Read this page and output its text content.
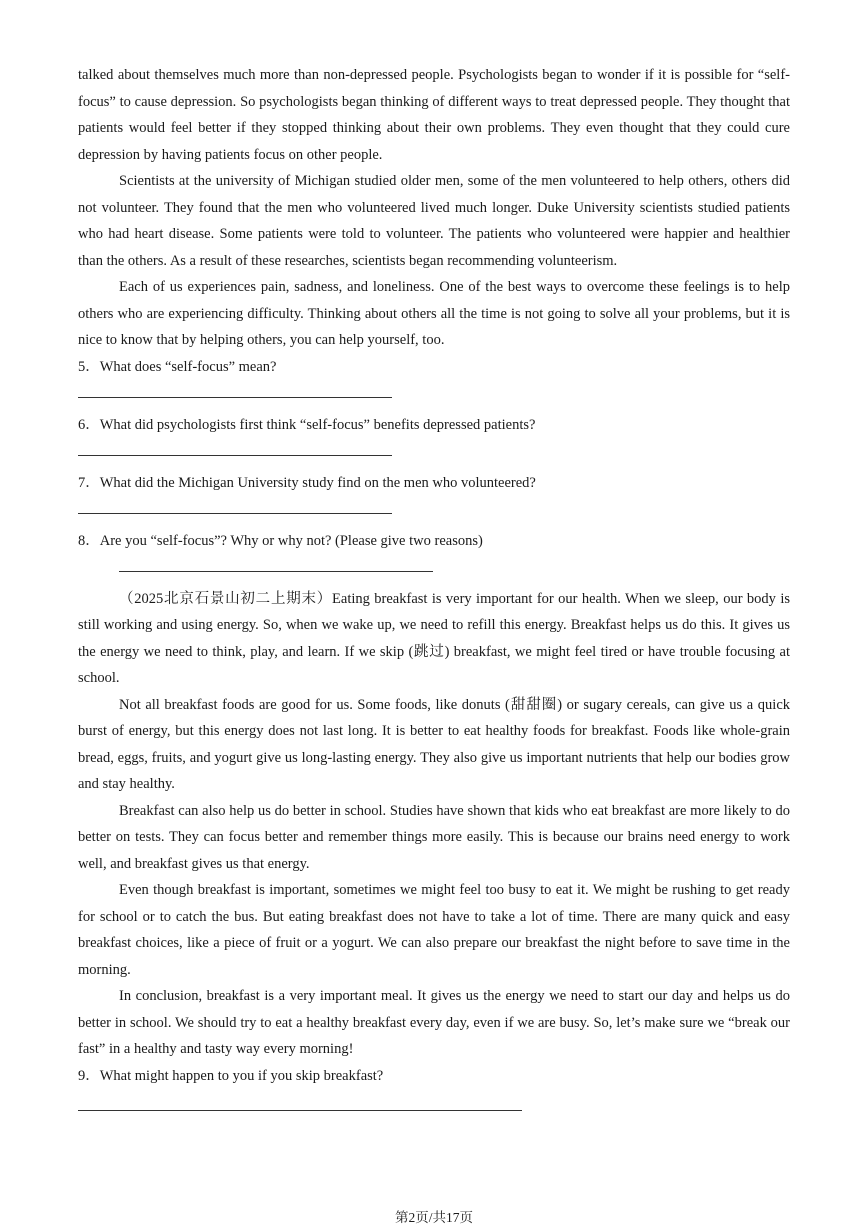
talked about themselves much more than non-depressed people. Psychologists began to wonder if it is possible for “self-focus” to cause depression. So psychologists began thinking of different ways to treat depressed people. They thought that patients would feel better if they stopped thinking about their own problems. They even thought that they could cure depression by having patients focus on other people.

Scientists at the university of Michigan studied older men, some of the men volunteered to help others, others did not volunteer. They found that the men who volunteered lived much longer. Duke University scientists studied patients who had heart disease. Some patients were told to volunteer. The patients who volunteered were happier and healthier than the others. As a result of these researches, scientists began recommending volunteerism.

Each of us experiences pain, sadness, and loneliness. One of the best ways to overcome these feelings is to help others who are experiencing difficulty. Thinking about others all the time is not going to solve all your problems, but it is nice to know that by helping others, you can help yourself, too.

5．What does “self-focus” mean?

6．What did psychologists first think “self-focus” benefits depressed patients?

7．What did the Michigan University study find on the men who volunteered?

8．Are you “self-focus”? Why or why not? (Please give two reasons)

（2025北京石景山初二上期末）Eating breakfast is very important for our health. When we sleep, our body is still working and using energy. So, when we wake up, we need to refill this energy. Breakfast helps us do this. It gives us the energy we need to think, play, and learn. If we skip (跳过) breakfast, we might feel tired or have trouble focusing at school.

Not all breakfast foods are good for us. Some foods, like donuts (甜甜圈) or sugary cereals, can give us a quick burst of energy, but this energy does not last long. It is better to eat healthy foods for breakfast. Foods like whole-grain bread, eggs, fruits, and yogurt give us long-lasting energy. They also give us important nutrients that help our bodies grow and stay healthy.

Breakfast can also help us do better in school. Studies have shown that kids who eat breakfast are more likely to do better on tests. They can focus better and remember things more easily. This is because our brains need energy to work well, and breakfast gives us that energy.

Even though breakfast is important, sometimes we might feel too busy to eat it. We might be rushing to get ready for school or to catch the bus. But eating breakfast does not have to take a lot of time. There are many quick and easy breakfast choices, like a piece of fruit or a yogurt. We can also prepare our breakfast the night before to save time in the morning.

In conclusion, breakfast is a very important meal. It gives us the energy we need to start our day and helps us do better in school. We should try to eat a healthy breakfast every day, even if we are busy. So, let’s make sure we “break our fast” in a healthy and tasty way every morning!

9．What might happen to you if you skip breakfast?

第2页/共17页
